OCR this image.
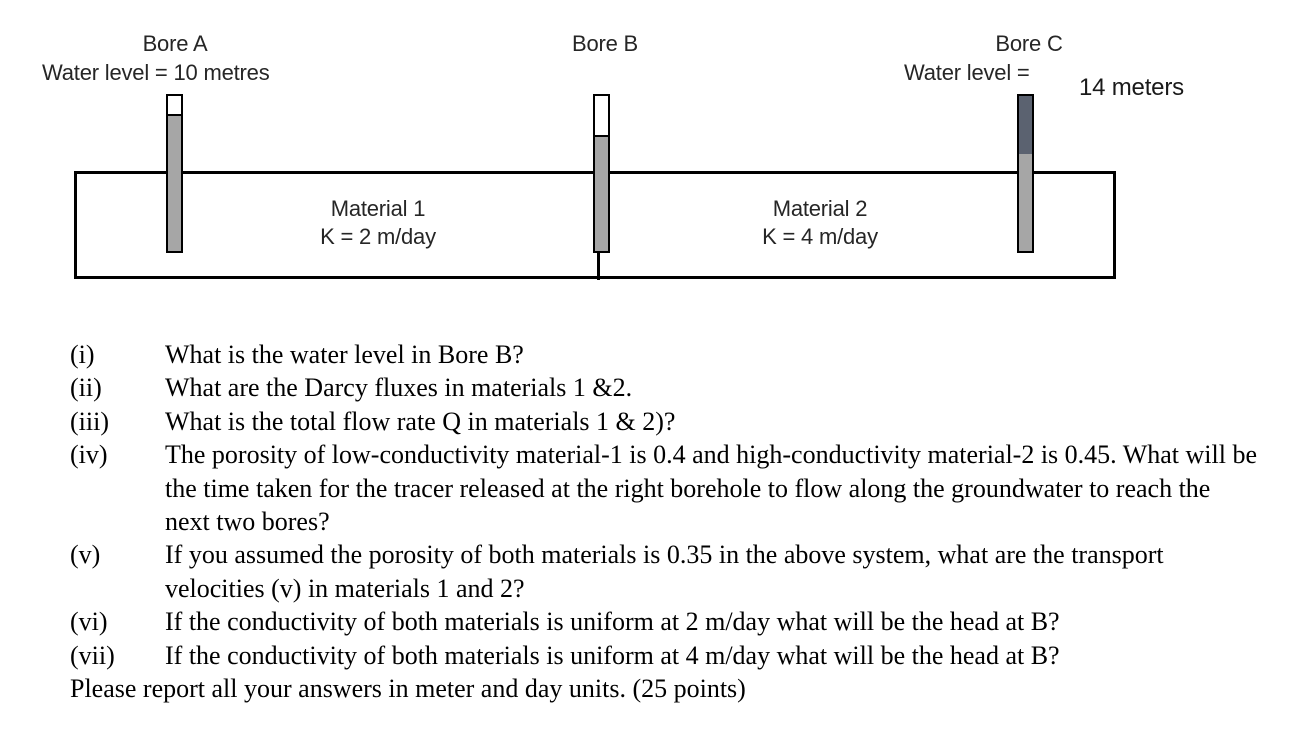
Bore A
Water level = 10 metres
Bore B	Bore C
Water level =
14 meters
Material 1
K = 2 m/day
Material 2
K = 4 m/day
(i)	What is the water level in Bore B?
(ii)	What are the Darcy fluxes in materials 1 &2.
(iii)	What is the total flow rate Q in materials 1 & 2)?
(iv)	The porosity of low-conductivity material-1 is 0.4 and high-conductivity material-2 is 0.45. What will be the time taken for the tracer released at the right borehole to flow along the groundwater to reach the next two bores?
(v)	If you assumed the porosity of both materials is 0.35 in the above system, what are the transport velocities (v) in materials 1 and 2?
(vi)	If the conductivity of both materials is uniform at 2 m/day what will be the head at B?
(vii)	If the conductivity of both materials is uniform at 4 m/day what will be the head at B?
Please report all your answers in meter and day units. (25 points)
